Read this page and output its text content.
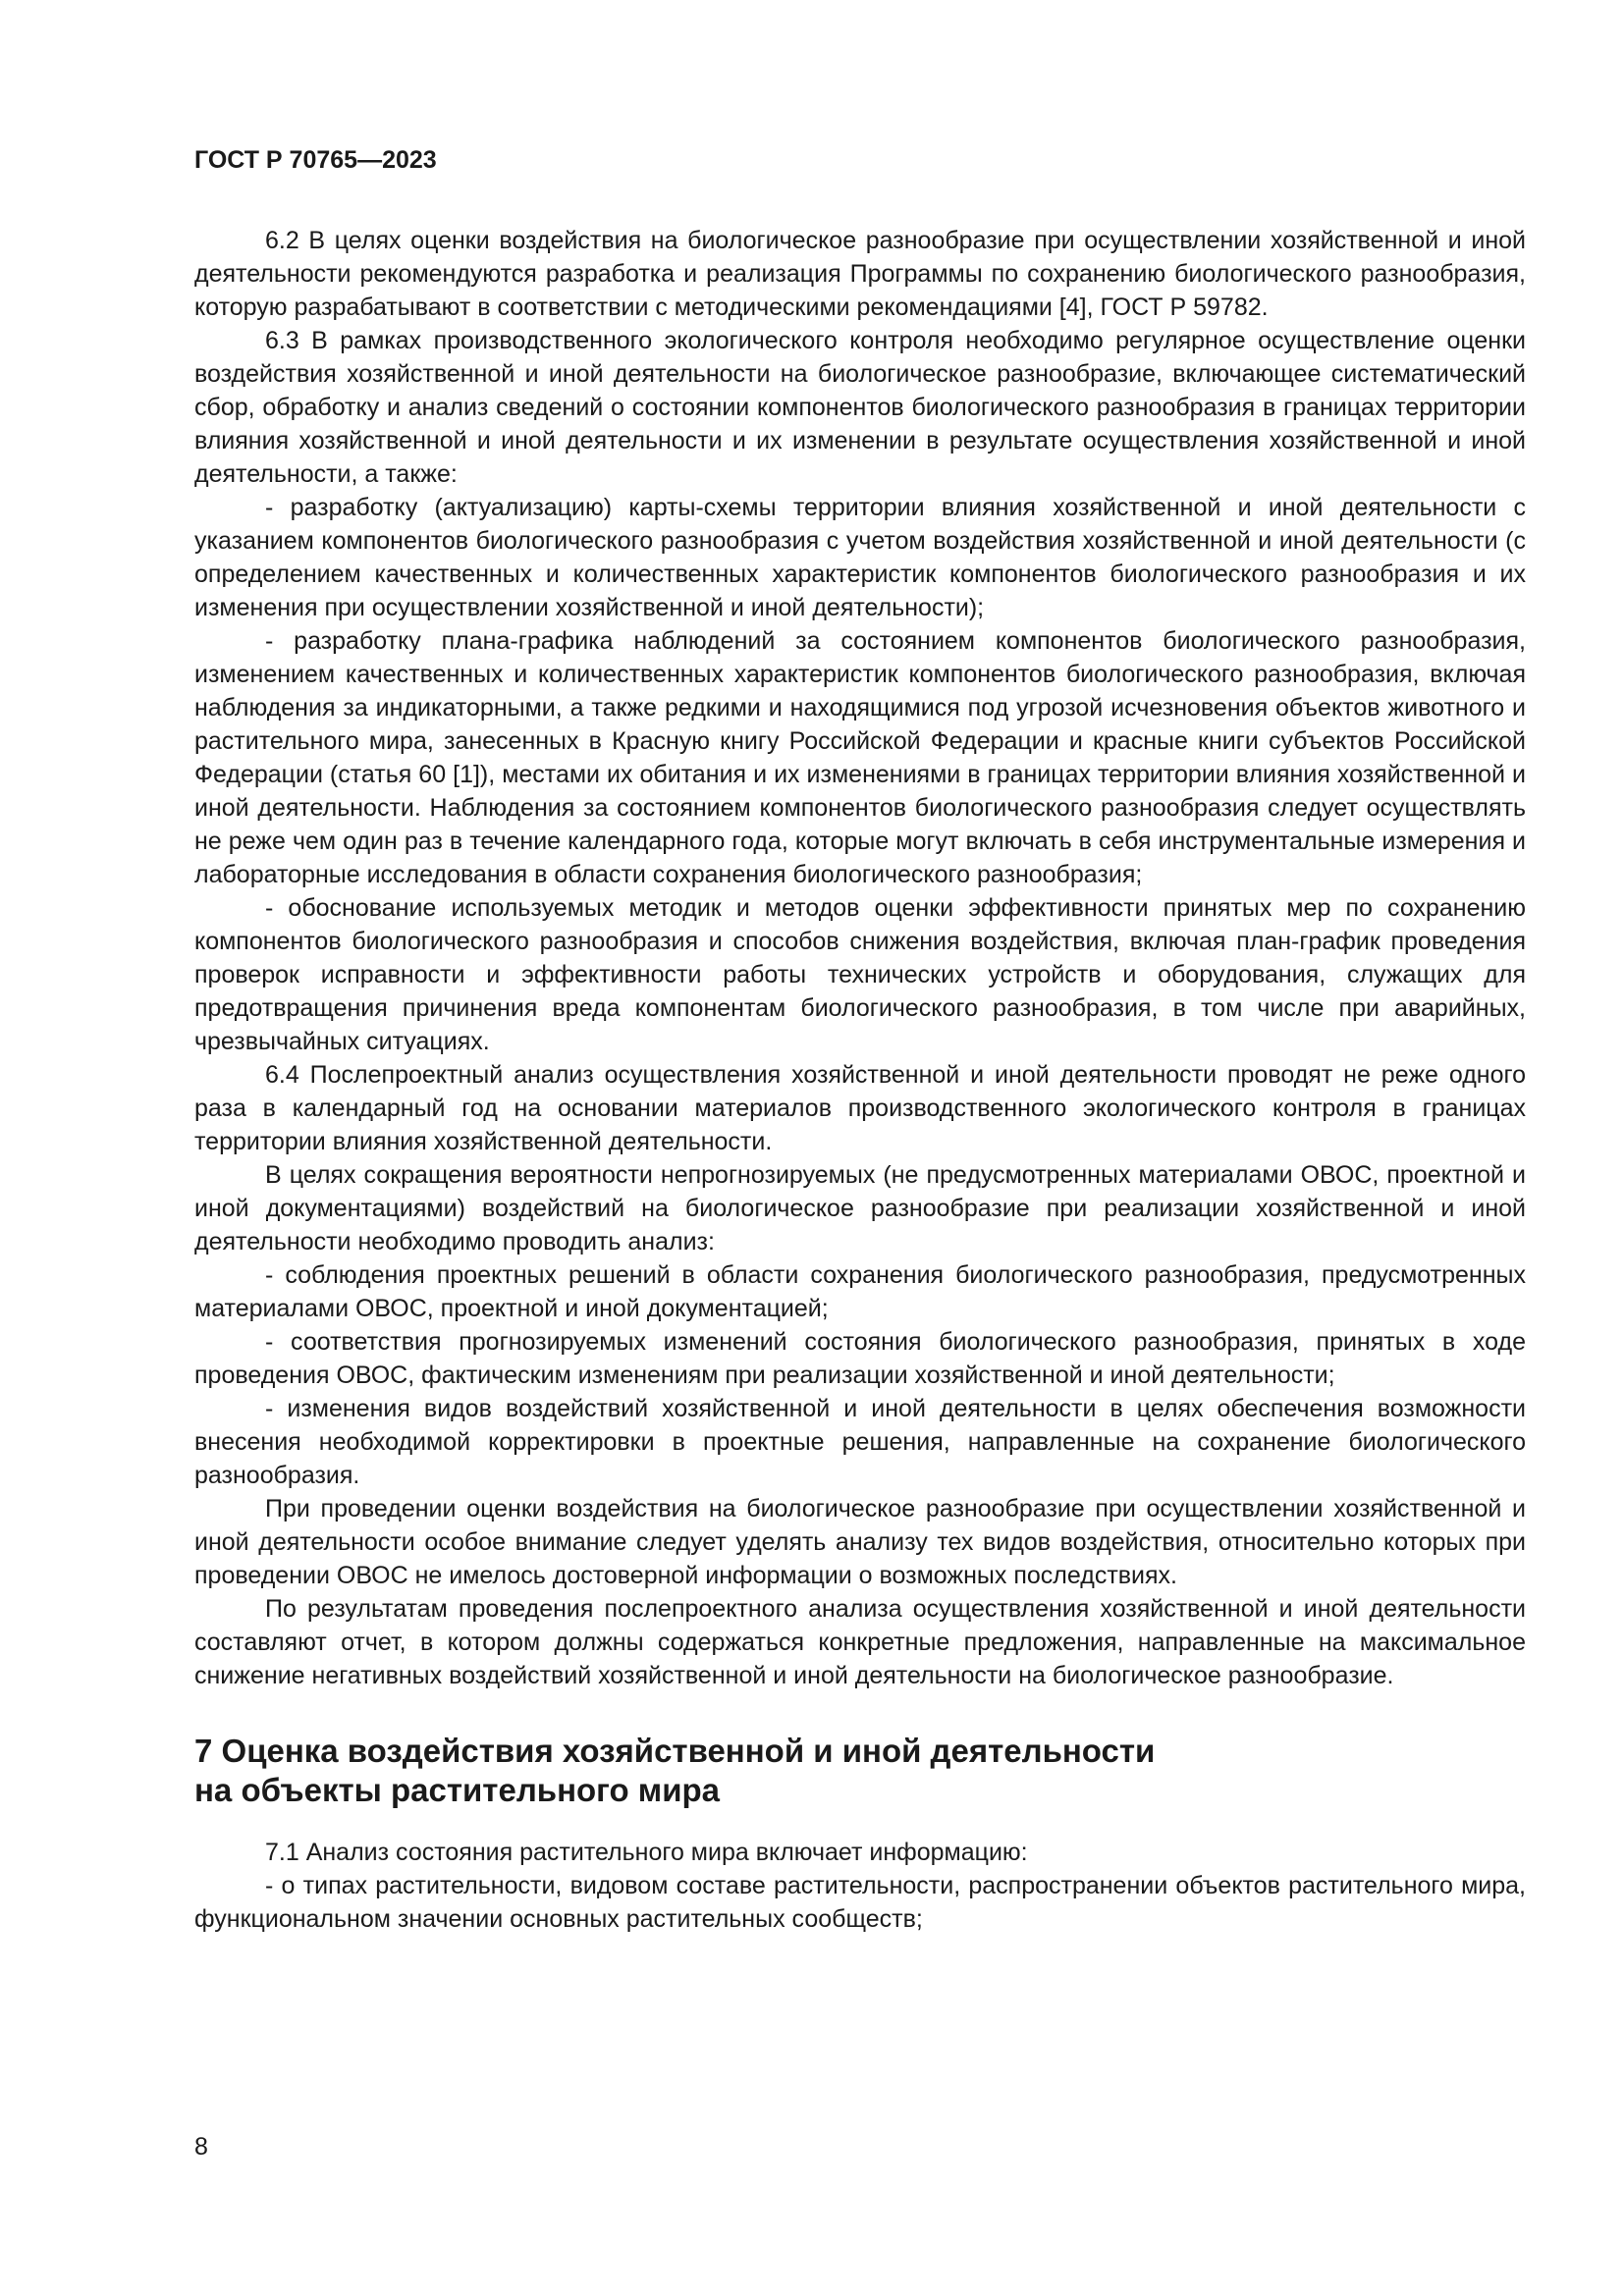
ГОСТ Р 70765—2023

6.2 В целях оценки воздействия на биологическое разнообразие при осуществлении хозяйственной и иной деятельности рекомендуются разработка и реализация Программы по сохранению биологического разнообразия, которую разрабатывают в соответствии с методическими рекомендациями [4], ГОСТ Р 59782.

6.3 В рамках производственного экологического контроля необходимо регулярное осуществление оценки воздействия хозяйственной и иной деятельности на биологическое разнообразие, включающее систематический сбор, обработку и анализ сведений о состоянии компонентов биологического разнообразия в границах территории влияния хозяйственной и иной деятельности и их изменении в результате осуществления хозяйственной и иной деятельности, а также:

- разработку (актуализацию) карты-схемы территории влияния хозяйственной и иной деятельности с указанием компонентов биологического разнообразия с учетом воздействия хозяйственной и иной деятельности (с определением качественных и количественных характеристик компонентов биологического разнообразия и их изменения при осуществлении хозяйственной и иной деятельности);

- разработку плана-графика наблюдений за состоянием компонентов биологического разнообразия, изменением качественных и количественных характеристик компонентов биологического разнообразия, включая наблюдения за индикаторными, а также редкими и находящимися под угрозой исчезновения объектов животного и растительного мира, занесенных в Красную книгу Российской Федерации и красные книги субъектов Российской Федерации (статья 60 [1]), местами их обитания и их изменениями в границах территории влияния хозяйственной и иной деятельности. Наблюдения за состоянием компонентов биологического разнообразия следует осуществлять не реже чем один раз в течение календарного года, которые могут включать в себя инструментальные измерения и лабораторные исследования в области сохранения биологического разнообразия;

- обоснование используемых методик и методов оценки эффективности принятых мер по сохранению компонентов биологического разнообразия и способов снижения воздействия, включая план-график проведения проверок исправности и эффективности работы технических устройств и оборудования, служащих для предотвращения причинения вреда компонентам биологического разнообразия, в том числе при аварийных, чрезвычайных ситуациях.

6.4 Послепроектный анализ осуществления хозяйственной и иной деятельности проводят не реже одного раза в календарный год на основании материалов производственного экологического контроля в границах территории влияния хозяйственной деятельности.

В целях сокращения вероятности непрогнозируемых (не предусмотренных материалами ОВОС, проектной и иной документациями) воздействий на биологическое разнообразие при реализации хозяйственной и иной деятельности необходимо проводить анализ:

- соблюдения проектных решений в области сохранения биологического разнообразия, предусмотренных материалами ОВОС, проектной и иной документацией;

- соответствия прогнозируемых изменений состояния биологического разнообразия, принятых в ходе проведения ОВОС, фактическим изменениям при реализации хозяйственной и иной деятельности;

- изменения видов воздействий хозяйственной и иной деятельности в целях обеспечения возможности внесения необходимой корректировки в проектные решения, направленные на сохранение биологического разнообразия.

При проведении оценки воздействия на биологическое разнообразие при осуществлении хозяйственной и иной деятельности особое внимание следует уделять анализу тех видов воздействия, относительно которых при проведении ОВОС не имелось достоверной информации о возможных последствиях.

По результатам проведения послепроектного анализа осуществления хозяйственной и иной деятельности составляют отчет, в котором должны содержаться конкретные предложения, направленные на максимальное снижение негативных воздействий хозяйственной и иной деятельности на биологическое разнообразие.

7 Оценка воздействия хозяйственной и иной деятельности
на объекты растительного мира

7.1 Анализ состояния растительного мира включает информацию:

- о типах растительности, видовом составе растительности, распространении объектов растительного мира, функциональном значении основных растительных сообществ;

8
